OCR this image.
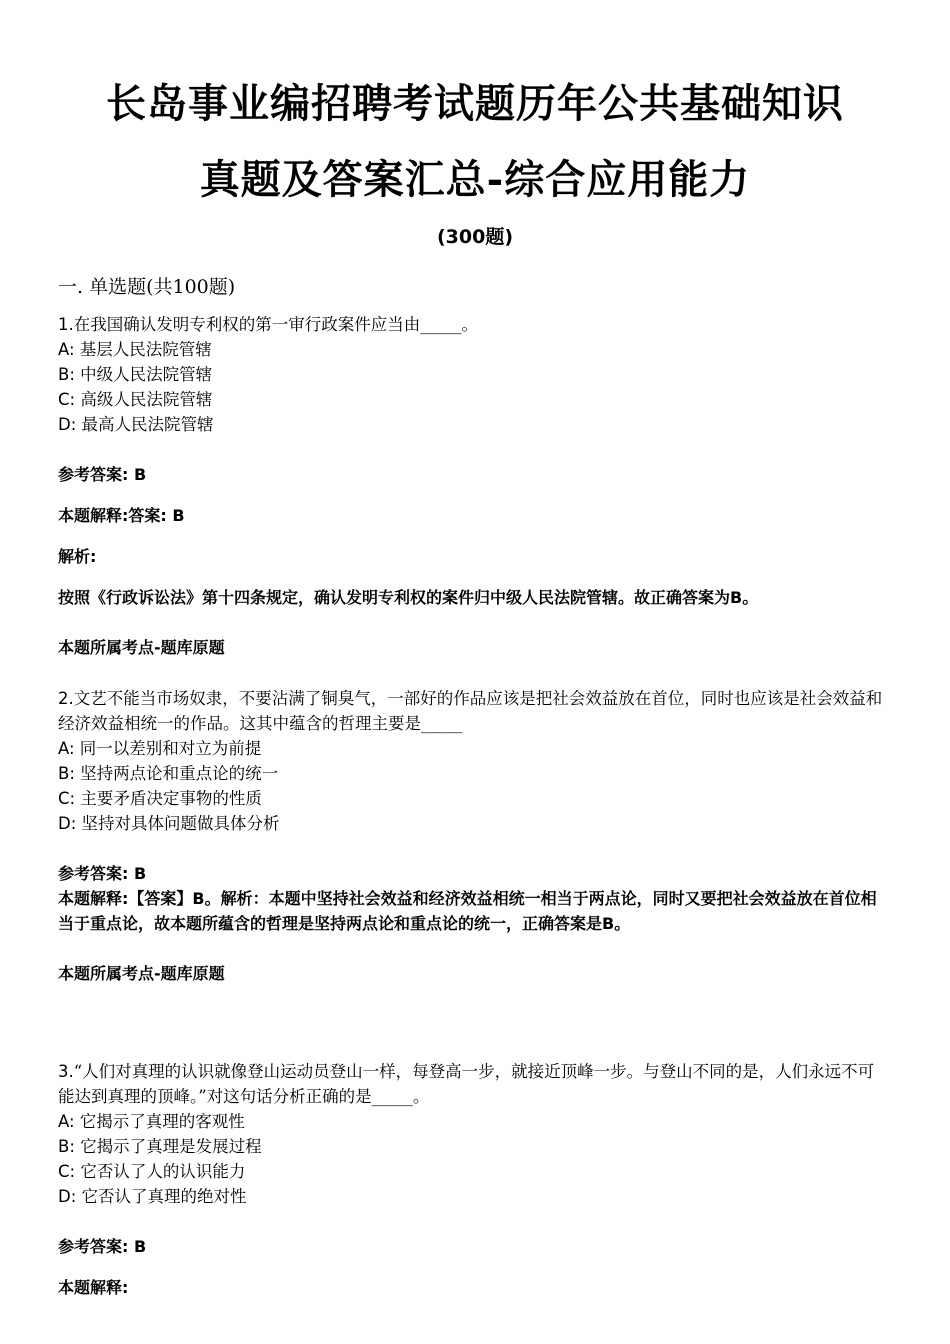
长岛事业编招聘考试题历年公共基础知识
真题及答案汇总-综合应用能力
(300题)
一. 单选题(共100题)

1.在我国确认发明专利权的第一审行政案件应当由_____。

A: 基层人民法院管辖

B: 中级人民法院管辖

C: 高级人民法院管辖

D: 最高人民法院管辖

参考答案: B

本题解释:答案: B

解析:

按照《行政诉讼法》第十四条规定，确认发明专利权的案件归中级人民法院管辖。故正确答案为B。

本题所属考点-题库原题

2.文艺不能当市场奴隶，不要沾满了铜臭气，一部好的作品应该是把社会效益放在首位，同时也应该是社会效益和经济效益相统一的作品。这其中蕴含的哲理主要是_____

A: 同一以差别和对立为前提

B: 坚持两点论和重点论的统一

C: 主要矛盾决定事物的性质

D: 坚持对具体问题做具体分析

参考答案: B

本题解释:【答案】B。解析：本题中坚持社会效益和经济效益相统一相当于两点论，同时又要把社会效益放在首位相当于重点论，故本题所蕴含的哲理是坚持两点论和重点论的统一，正确答案是B。

本题所属考点-题库原题

3.“人们对真理的认识就像登山运动员登山一样，每登高一步，就接近顶峰一步。与登山不同的是，人们永远不可能达到真理的顶峰。”对这句话分析正确的是_____。

A: 它揭示了真理的客观性

B: 它揭示了真理是发展过程

C: 它否认了人的认识能力

D: 它否认了真理的绝对性

参考答案: B

本题解释:
